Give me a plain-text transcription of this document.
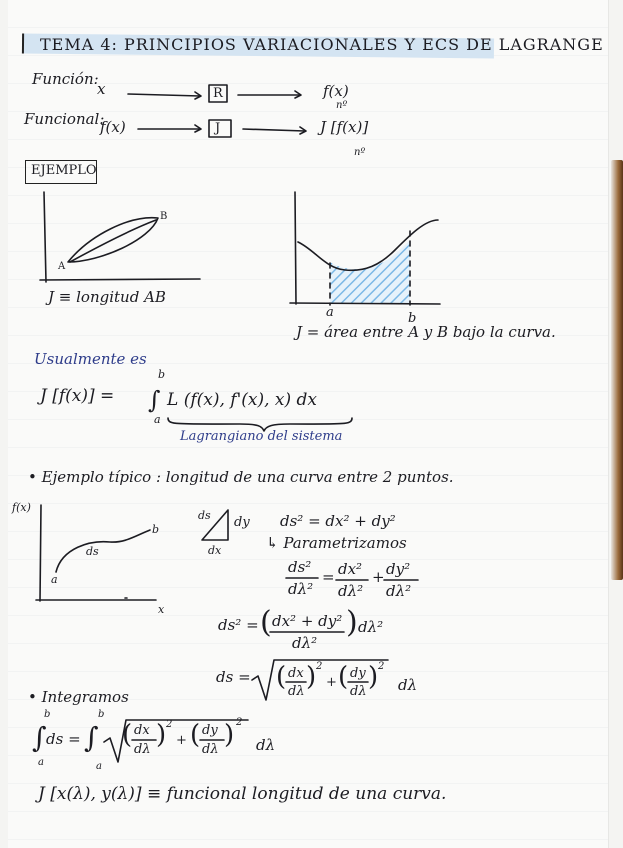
TEMA 4: PRINCIPIOS VARIACIONALES Y ECS DE LAGRANGE
Función:
x	R	f(x)
nº
Funcional:
f(x)	J	J [f(x)]
nº
EJEMPLO
A
B
J ≡ longitud AB
a	b
J = área entre A y B bajo la curva.
Usualmente es
J [f(x)] = ∫
b
a
L (f(x), f'(x), x) dx
Lagrangiano del sistema
• Ejemplo típico : longitud de una curva entre 2 puntos.
f(x)
x
a
b
ds
ds dy
dx
ds² = dx² + dy²
↳ Parametrizamos
ds²
dλ²
= dx²
dλ²
+ dy²
dλ²
ds² = ( dx² + dy²
dλ²
) dλ²
ds = ( dx
dλ ) 2
+ ( dy
dλ ) 2
dλ
• Integramos
∫
b
a
ds = ∫
b
a
( dx
dλ ) 2
+ ( dy
dλ ) 2
dλ
J [x(λ), y(λ)] ≡ funcional longitud de una curva.
